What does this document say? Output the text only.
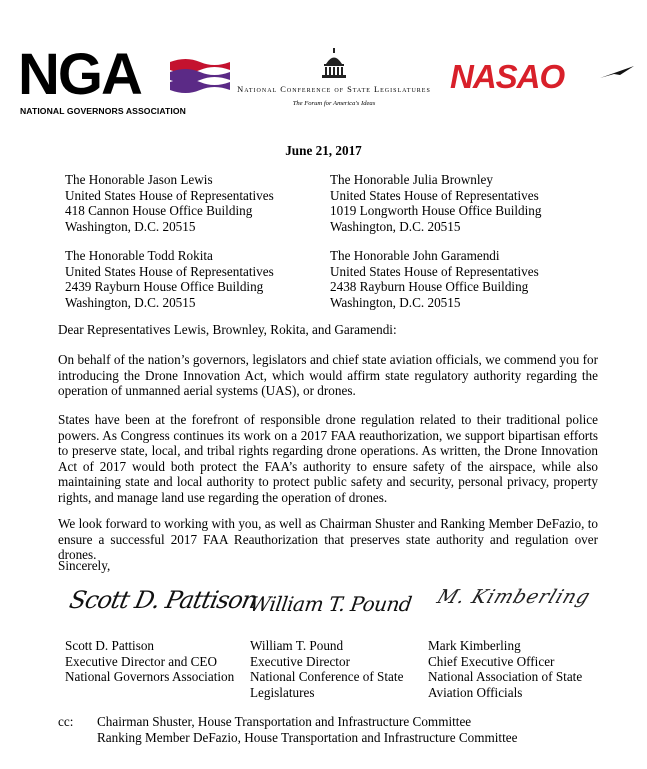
NGA
NATIONAL GOVERNORS ASSOCIATION
National Conference of State Legislatures
The Forum for America's Ideas
NASAO
June 21, 2017
The Honorable Jason Lewis
United States House of Representatives
418 Cannon House Office Building
Washington, D.C. 20515
The Honorable Julia Brownley
United States House of Representatives
1019 Longworth House Office Building
Washington, D.C. 20515
The Honorable Todd Rokita
United States House of Representatives
2439 Rayburn House Office Building
Washington, D.C. 20515
The Honorable John Garamendi
United States House of Representatives
2438 Rayburn House Office Building
Washington, D.C. 20515
Dear Representatives Lewis, Brownley, Rokita, and Garamendi:
On behalf of the nation’s governors, legislators and chief state aviation officials, we commend you for introducing the Drone Innovation Act, which would affirm state regulatory authority regarding the operation of unmanned aerial systems (UAS), or drones.
States have been at the forefront of responsible drone regulation related to their traditional police powers. As Congress continues its work on a 2017 FAA reauthorization, we support bipartisan efforts to preserve state, local, and tribal rights regarding drone operations. As written, the Drone Innovation Act of 2017 would both protect the FAA’s authority to ensure safety of the airspace, while also maintaining state and local authority to protect public safety and security, personal privacy, property rights, and manage land use regarding the operation of drones.
We look forward to working with you, as well as Chairman Shuster and Ranking Member DeFazio, to ensure a successful 2017 FAA Reauthorization that preserves state authority and regulation over drones.
Sincerely,
Scott D. Pattison
William T. Pound M. Kimberling
Scott D. Pattison
Executive Director and CEO
National Governors Association
William T. Pound
Executive Director
National Conference of State
Legislatures
Mark Kimberling
Chief Executive Officer
National Association of State
Aviation Officials
cc: Chairman Shuster, House Transportation and Infrastructure Committee
Ranking Member DeFazio, House Transportation and Infrastructure Committee
